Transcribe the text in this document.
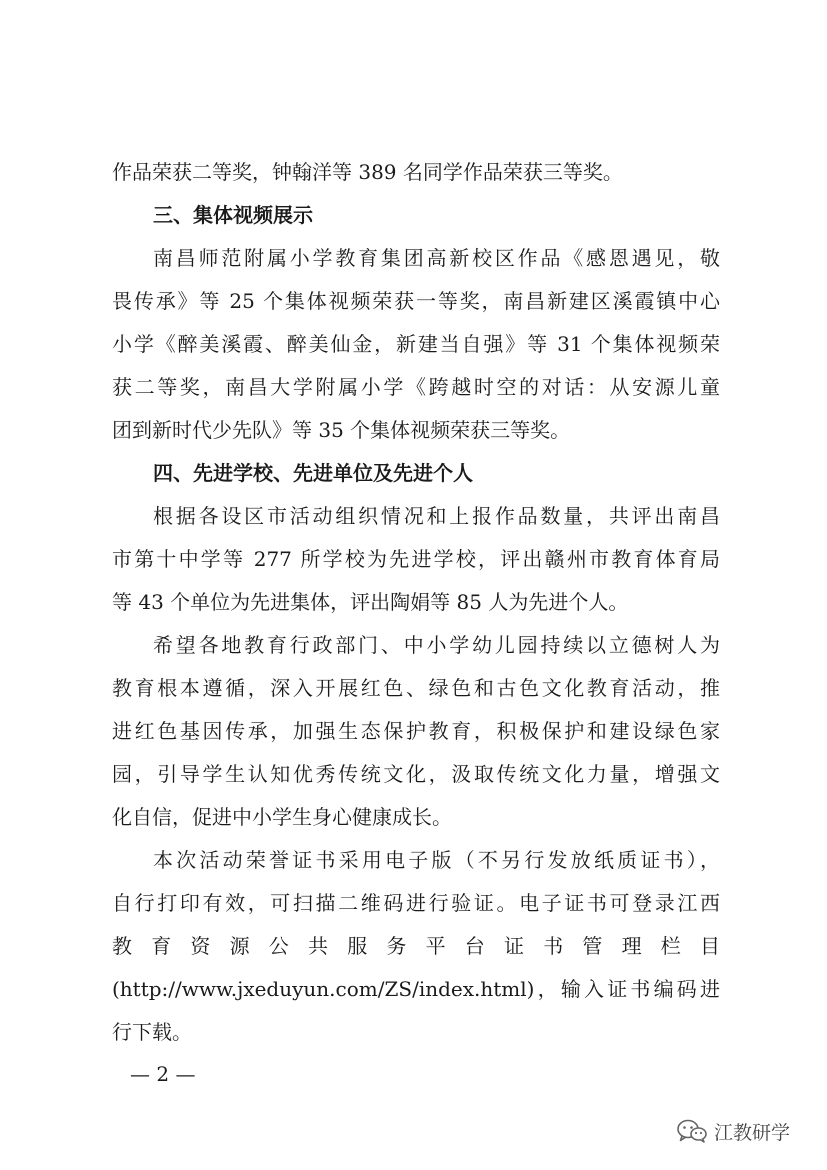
作品荣获二等奖，钟翰洋等 389 名同学作品荣获三等奖。
三、集体视频展示
南昌师范附属小学教育集团高新校区作品《感恩遇见，敬
畏传承》等 25 个集体视频荣获一等奖，南昌新建区溪霞镇中心
小学《醉美溪霞、醉美仙金，新建当自强》等 31 个集体视频荣
获二等奖，南昌大学附属小学《跨越时空的对话：从安源儿童
团到新时代少先队》等 35 个集体视频荣获三等奖。
四、先进学校、先进单位及先进个人
根据各设区市活动组织情况和上报作品数量，共评出南昌
市第十中学等 277 所学校为先进学校，评出赣州市教育体育局
等 43 个单位为先进集体，评出陶娟等 85 人为先进个人。
希望各地教育行政部门、中小学幼儿园持续以立德树人为
教育根本遵循，深入开展红色、绿色和古色文化教育活动，推
进红色基因传承，加强生态保护教育，积极保护和建设绿色家
园，引导学生认知优秀传统文化，汲取传统文化力量，增强文
化自信，促进中小学生身心健康成长。
本次活动荣誉证书采用电子版（不另行发放纸质证书），
自行打印有效，可扫描二维码进行验证。电子证书可登录江西
教育资源公共服务平台证书管理栏目
(http://www.jxeduyun.com/ZS/index.html)，输入证书编码进
行下载。
— 2 —
江教研学
